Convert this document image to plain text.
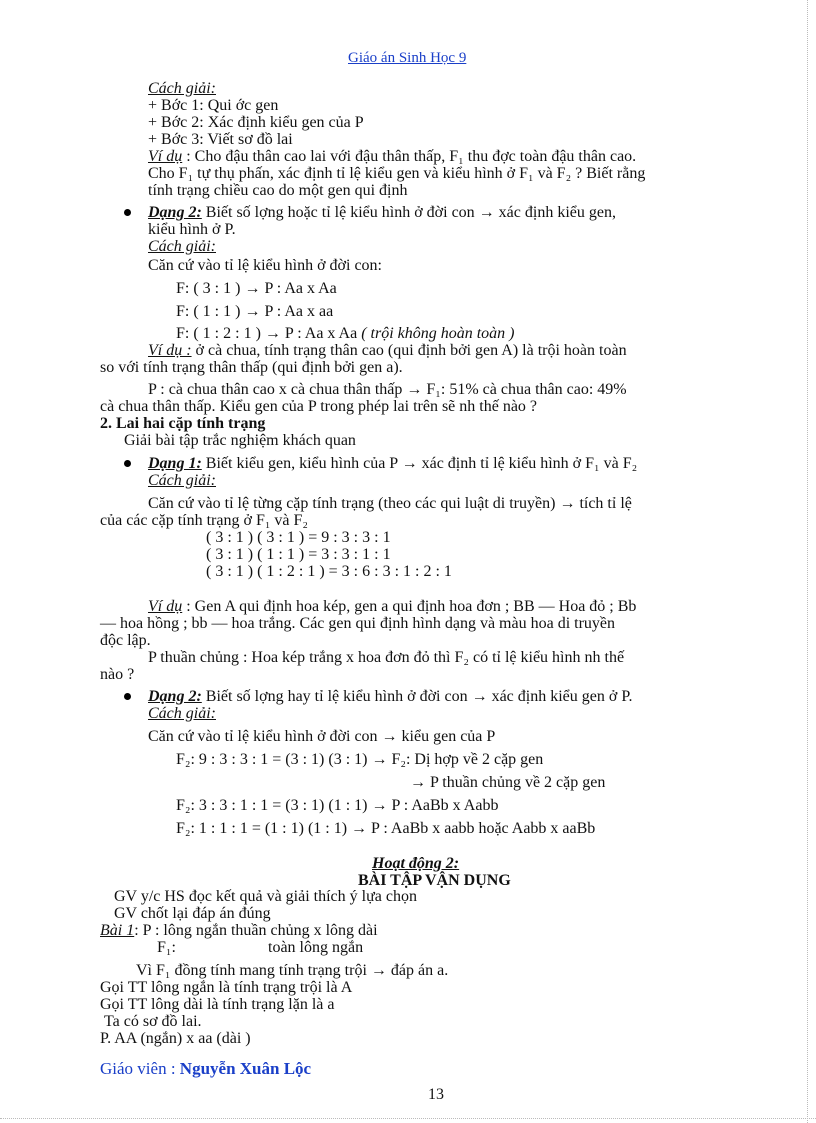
Giáo án Sinh Học 9
Cách giải:
+ Bớc 1: Qui ớc gen
+ Bớc 2: Xác định kiểu gen của P
+ Bớc 3: Viết sơ đồ lai
Ví dụ : Cho đậu thân cao lai với đậu thân thấp, F₁ thu đợc toàn đậu thân cao.
Cho F₁ tự thụ phấn, xác định tỉ lệ kiểu gen và kiểu hình ở F₁ và F₂ ? Biết rằng
tính trạng chiều cao do một gen qui định
Dạng 2: Biết số lợng hoặc tỉ lệ kiểu hình ở đời con → xác định kiểu gen,
kiểu hình ở P.
Cách giải:
Căn cứ vào tỉ lệ kiểu hình ở đời con:
F: ( 3 : 1 ) → P : Aa x Aa
F: ( 1 : 1 ) → P : Aa x aa
F: ( 1 : 2 : 1 ) → P : Aa x Aa ( trội không hoàn toàn )
Ví dụ : ở cà chua, tính trạng thân cao (qui định bởi gen A) là trội hoàn toàn
so với tính trạng thân thấp (qui định bởi gen a).
P : cà chua thân cao x cà chua thân thấp → F₁: 51% cà chua thân cao: 49%
cà chua thân thấp. Kiểu gen của P trong phép lai trên sẽ nh thế nào ?
2. Lai hai cặp tính trạng
Giải bài tập trắc nghiệm khách quan
Dạng 1: Biết kiểu gen, kiểu hình của P → xác định tỉ lệ kiểu hình ở F₁ và F₂
Cách giải:
Căn cứ vào tỉ lệ từng cặp tính trạng (theo các qui luật di truyền) → tích tỉ lệ
của các cặp tính trạng ở F₁ và F₂
( 3 : 1 ) ( 3 : 1 ) = 9 : 3 : 3 : 1
( 3 : 1 ) ( 1 : 1 ) = 3 : 3 : 1 : 1
( 3 : 1 ) ( 1 : 2 : 1 ) = 3 : 6 : 3 : 1 : 2 : 1
Ví dụ : Gen A qui định hoa kép, gen a qui định hoa đơn ; BB — Hoa đỏ ; Bb
— hoa hồng ; bb — hoa trắng. Các gen qui định hình dạng và màu hoa di truyền
độc lập.
P thuần chủng : Hoa kép trắng x hoa đơn đỏ thì F₂ có tỉ lệ kiểu hình nh thế
nào ?
Dạng 2: Biết số lợng hay tỉ lệ kiểu hình ở đời con → xác định kiểu gen ở P.
Cách giải:
Căn cứ vào tỉ lệ kiểu hình ở đời con → kiểu gen của P
F₂: 9 : 3 : 3 : 1 = (3 : 1) (3 : 1) → F₂: Dị hợp về 2 cặp gen
→ P thuần chủng về 2 cặp gen
F₂: 3 : 3 : 1 : 1 = (3 : 1) (1 : 1) → P : AaBb x Aabb
F₂: 1 : 1 : 1 = (1 : 1) (1 : 1) → P : AaBb x aabb hoặc Aabb x aaBb
Hoạt động 2:
BÀI TẬP VẬN DỤNG
GV y/c HS đọc kết quả và giải thích ý lựa chọn
GV chốt lại đáp án đúng
Bài 1: P : lông ngắn thuần chủng x lông dài
F₁:	toàn lông ngắn
Vì F₁ đồng tính mang tính trạng trội → đáp án a.
Gọi TT lông ngắn là tính trạng trội là A
Gọi TT lông dài là tính trạng lặn là a
Ta có sơ đồ lai.
P. AA (ngắn) x aa (dài )
Giáo viên : Nguyễn Xuân Lộc
13
